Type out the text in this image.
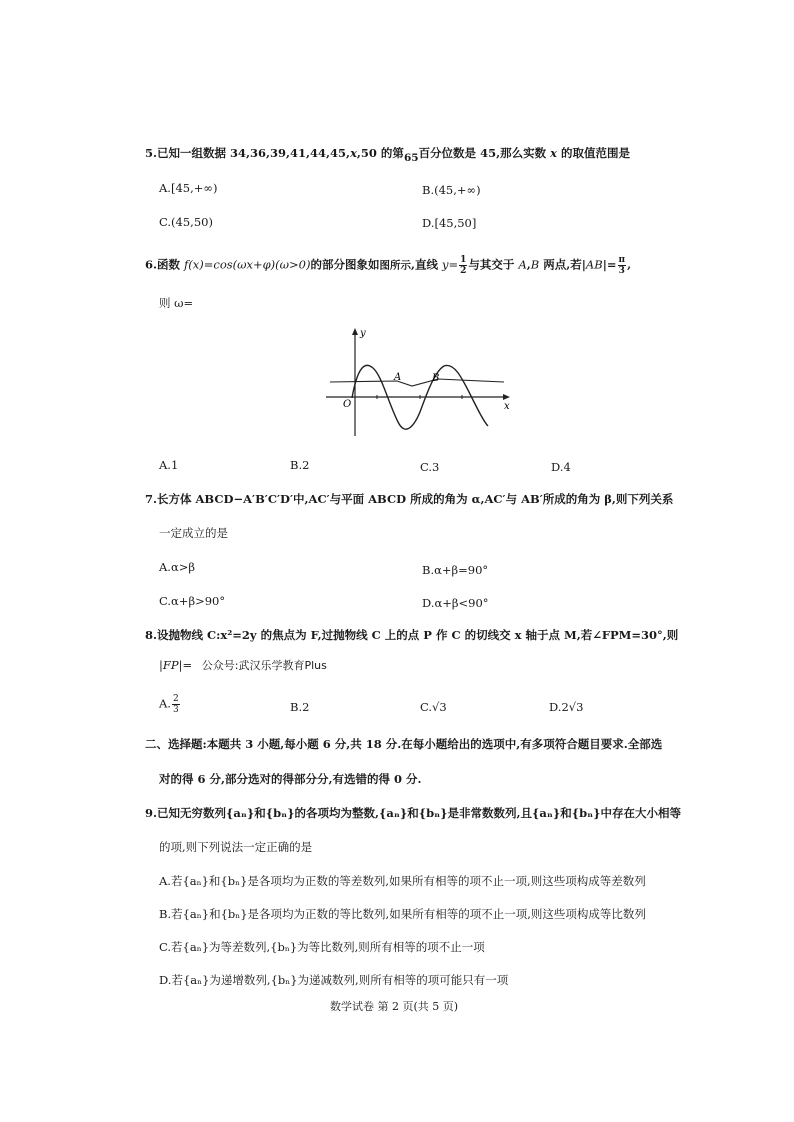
5.已知一组数据 34,36,39,41,44,45,x,50 的第65百分位数是 45,那么实数 x 的取值范围是
A.[45,+∞)	B.(45,+∞)
C.(45,50)	D.[45,50]
6.函数 f(x)=cos(ωx+φ)(ω>0)的部分图象如图所示,直线 $y= \frac{1}{2}$ 与其交于 A,B 两点,若$|AB|= \frac{\pi}{3}$ ,
则 ω=
y
x
O
A	B
A.1	B.2	C.3	D.4
7.长方体 ABCD−A′B′C′D′中,AC′与平面 ABCD 所成的角为 α,AC′与 AB′所成的角为 β,则下列关系
一定成立的是
A.α>β	B.α+β=90°
C.α+β>90°	D.α+β<90°
8.设抛物线 C:x²=2y 的焦点为 F,过抛物线 C 上的点 P 作 C 的切线交 x 轴于点 M,若∠FPM=30°,则
|FP|= 公众号:武汉乐学教育Plus
A. $\frac{2}{3}$	B.2	C.√3	D.2√3
二、选择题:本题共 3 小题,每小题 6 分,共 18 分.在每小题给出的选项中,有多项符合题目要求.全部选
对的得 6 分,部分选对的得部分分,有选错的得 0 分.
9.已知无穷数列{aₙ}和{bₙ}的各项均为整数,{aₙ}和{bₙ}是非常数数列,且{aₙ}和{bₙ}中存在大小相等
的项,则下列说法一定正确的是
A.若{aₙ}和{bₙ}是各项均为正数的等差数列,如果所有相等的项不止一项,则这些项构成等差数列
B.若{aₙ}和{bₙ}是各项均为正数的等比数列,如果所有相等的项不止一项,则这些项构成等比数列
C.若{aₙ}为等差数列,{bₙ}为等比数列,则所有相等的项不止一项
D.若{aₙ}为递增数列,{bₙ}为递减数列,则所有相等的项可能只有一项
数学试卷 第 2 页(共 5 页)
